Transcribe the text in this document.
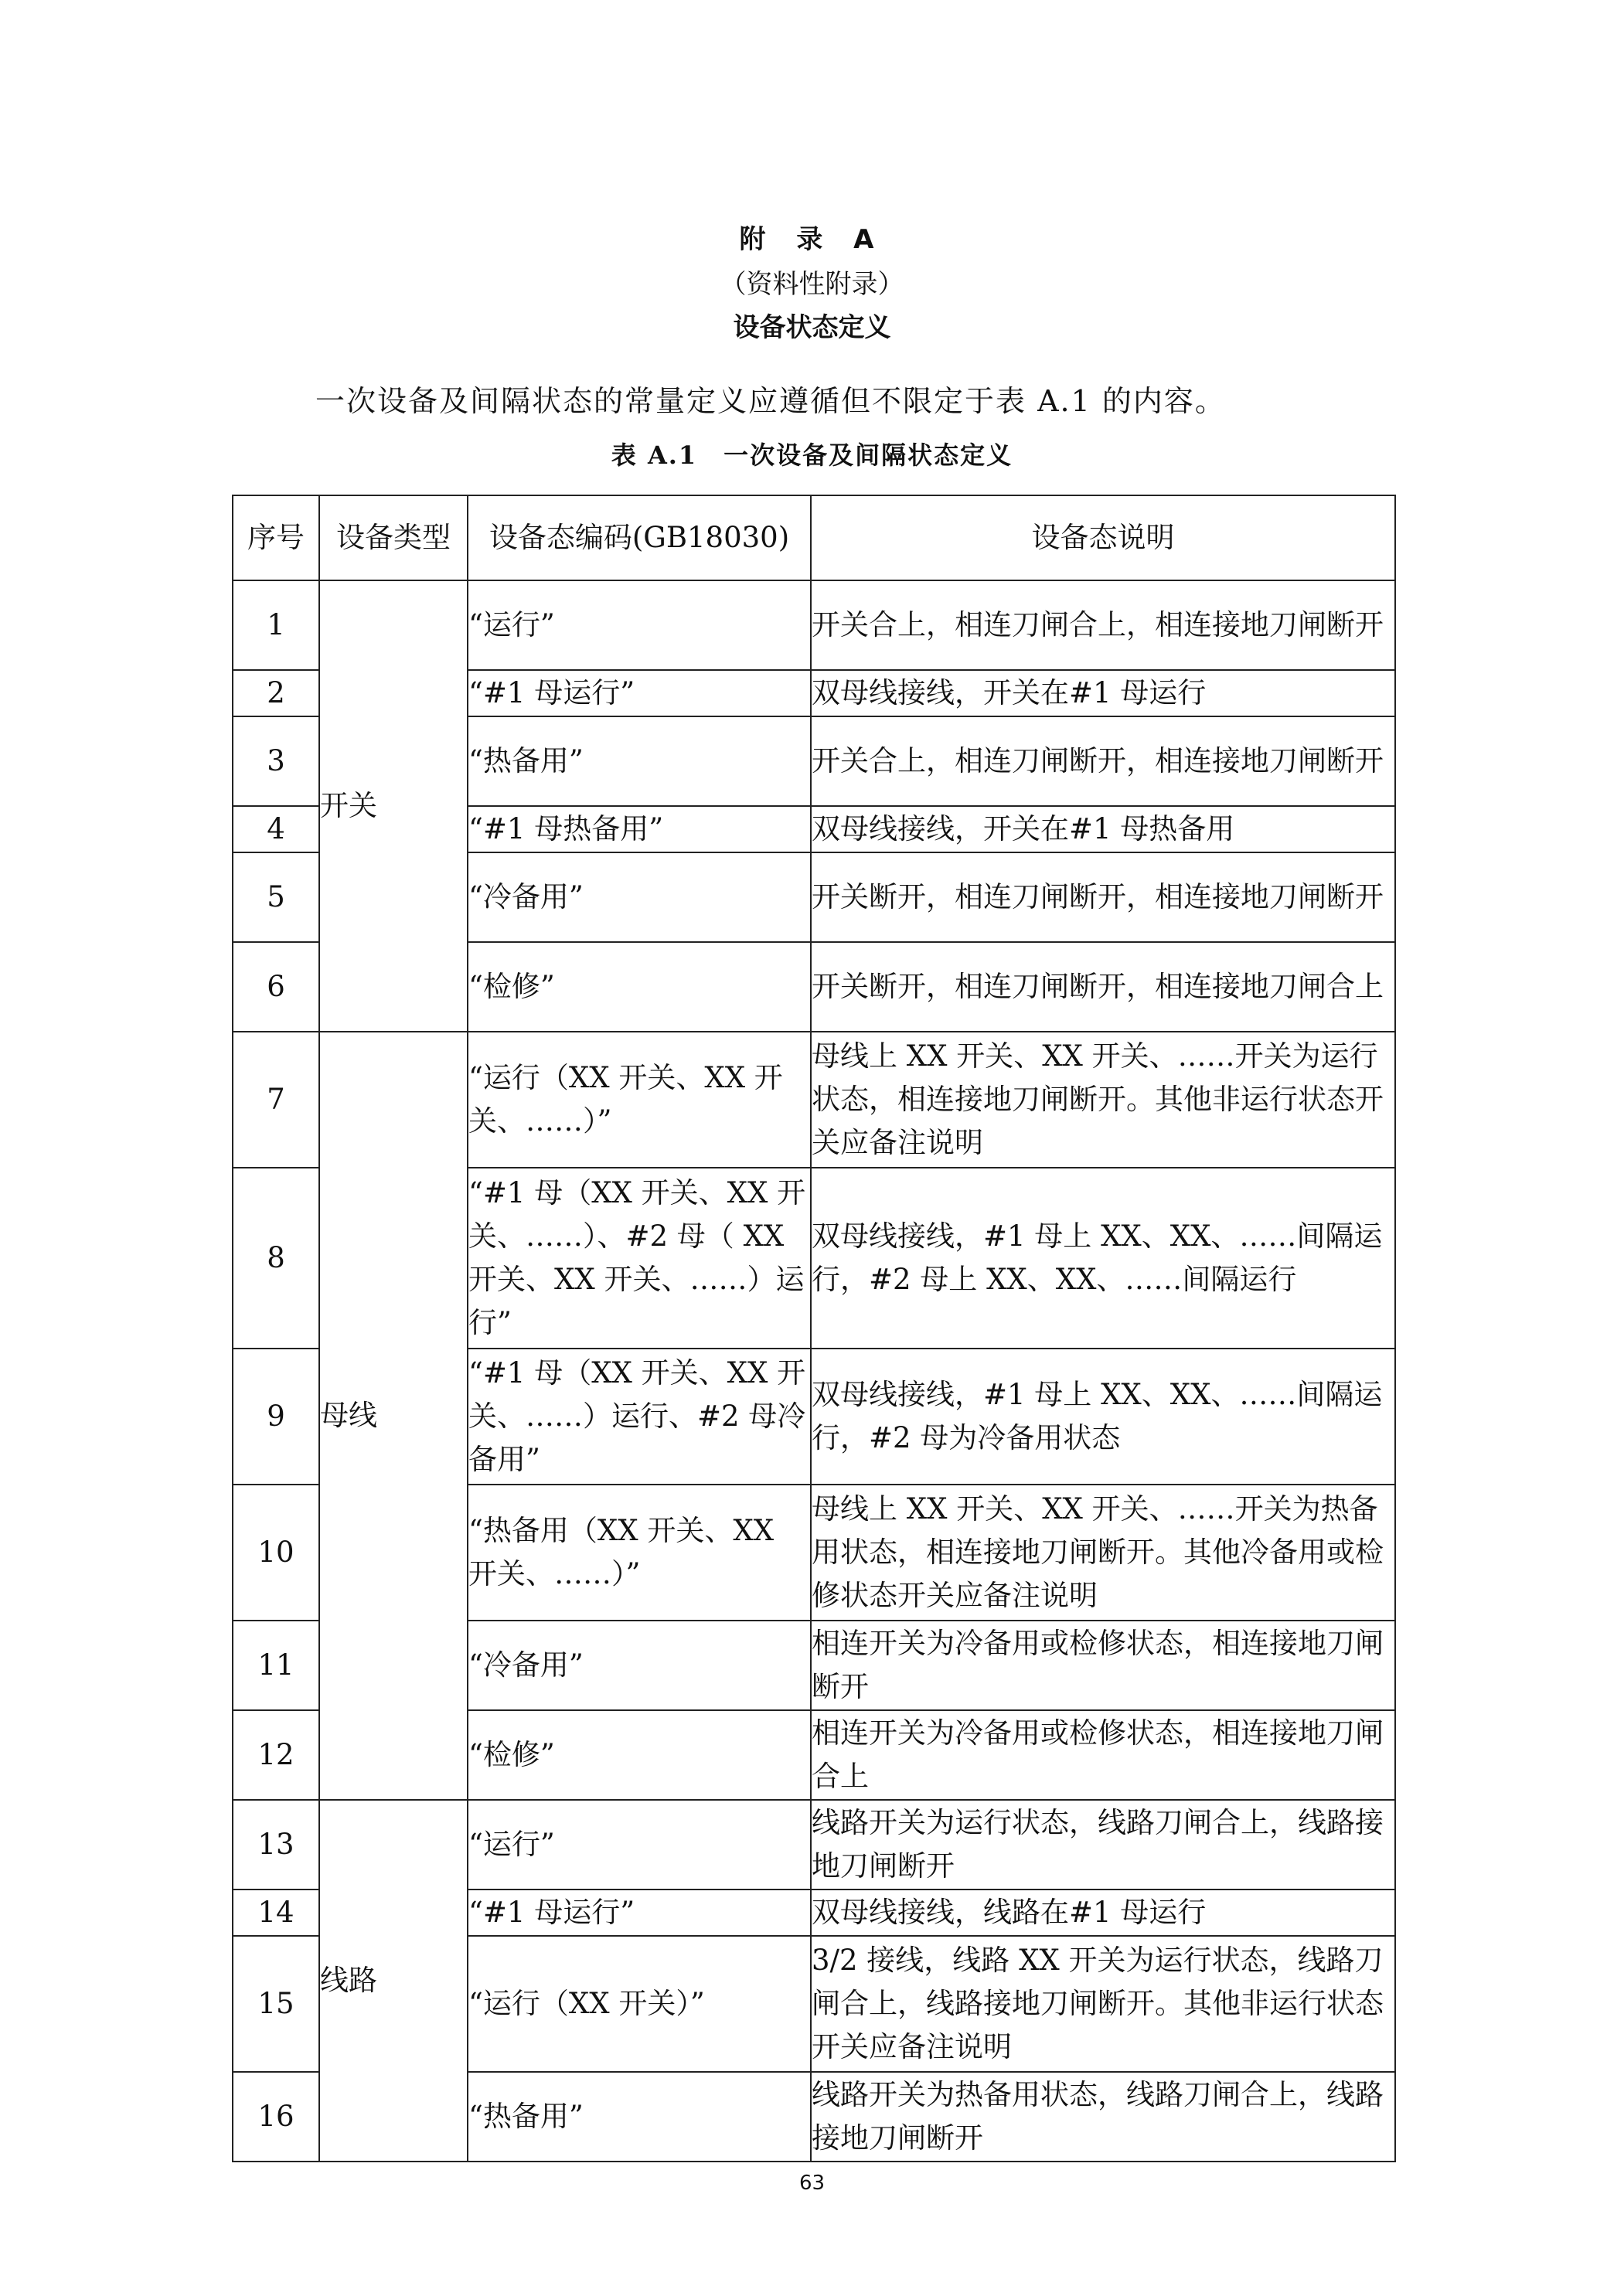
附 录 A
（资料性附录）
设备状态定义
一次设备及间隔状态的常量定义应遵循但不限定于表 A.1 的内容。
表 A.1　一次设备及间隔状态定义
序号	设备类型	设备态编码(GB18030)	设备态说明
1	开关	“运行”	开关合上，相连刀闸合上，相连接地刀闸断开
2		“#1 母运行”	双母线接线，开关在#1 母运行
3		“热备用”	开关合上，相连刀闸断开，相连接地刀闸断开
4		“#1 母热备用”	双母线接线，开关在#1 母热备用
5		“冷备用”	开关断开，相连刀闸断开，相连接地刀闸断开
6		“检修”	开关断开，相连刀闸断开，相连接地刀闸合上
7	母线	“运行（XX 开关、XX 开关、……）”	母线上 XX 开关、XX 开关、……开关为运行状态，相连接地刀闸断开。其他非运行状态开关应备注说明
8		“#1 母（XX 开关、XX 开关、……）、#2 母（ XX 开关、XX 开关、……）运行”	双母线接线，#1 母上 XX、XX、……间隔运行，#2 母上 XX、XX、……间隔运行
9		“#1 母（XX 开关、XX 开关、……）运行、#2 母冷备用”	双母线接线，#1 母上 XX、XX、……间隔运行，#2 母为冷备用状态
10		“热备用（XX 开关、XX 开关、……）”	母线上 XX 开关、XX 开关、……开关为热备用状态，相连接地刀闸断开。其他冷备用或检修状态开关应备注说明
11		“冷备用”	相连开关为冷备用或检修状态，相连接地刀闸断开
12		“检修”	相连开关为冷备用或检修状态，相连接地刀闸合上
13	线路	“运行”	线路开关为运行状态，线路刀闸合上，线路接地刀闸断开
14		“#1 母运行”	双母线接线，线路在#1 母运行
15		“运行（XX 开关）”	3/2 接线，线路 XX 开关为运行状态，线路刀闸合上，线路接地刀闸断开。其他非运行状态开关应备注说明
16		“热备用”	线路开关为热备用状态，线路刀闸合上，线路接地刀闸断开
63
